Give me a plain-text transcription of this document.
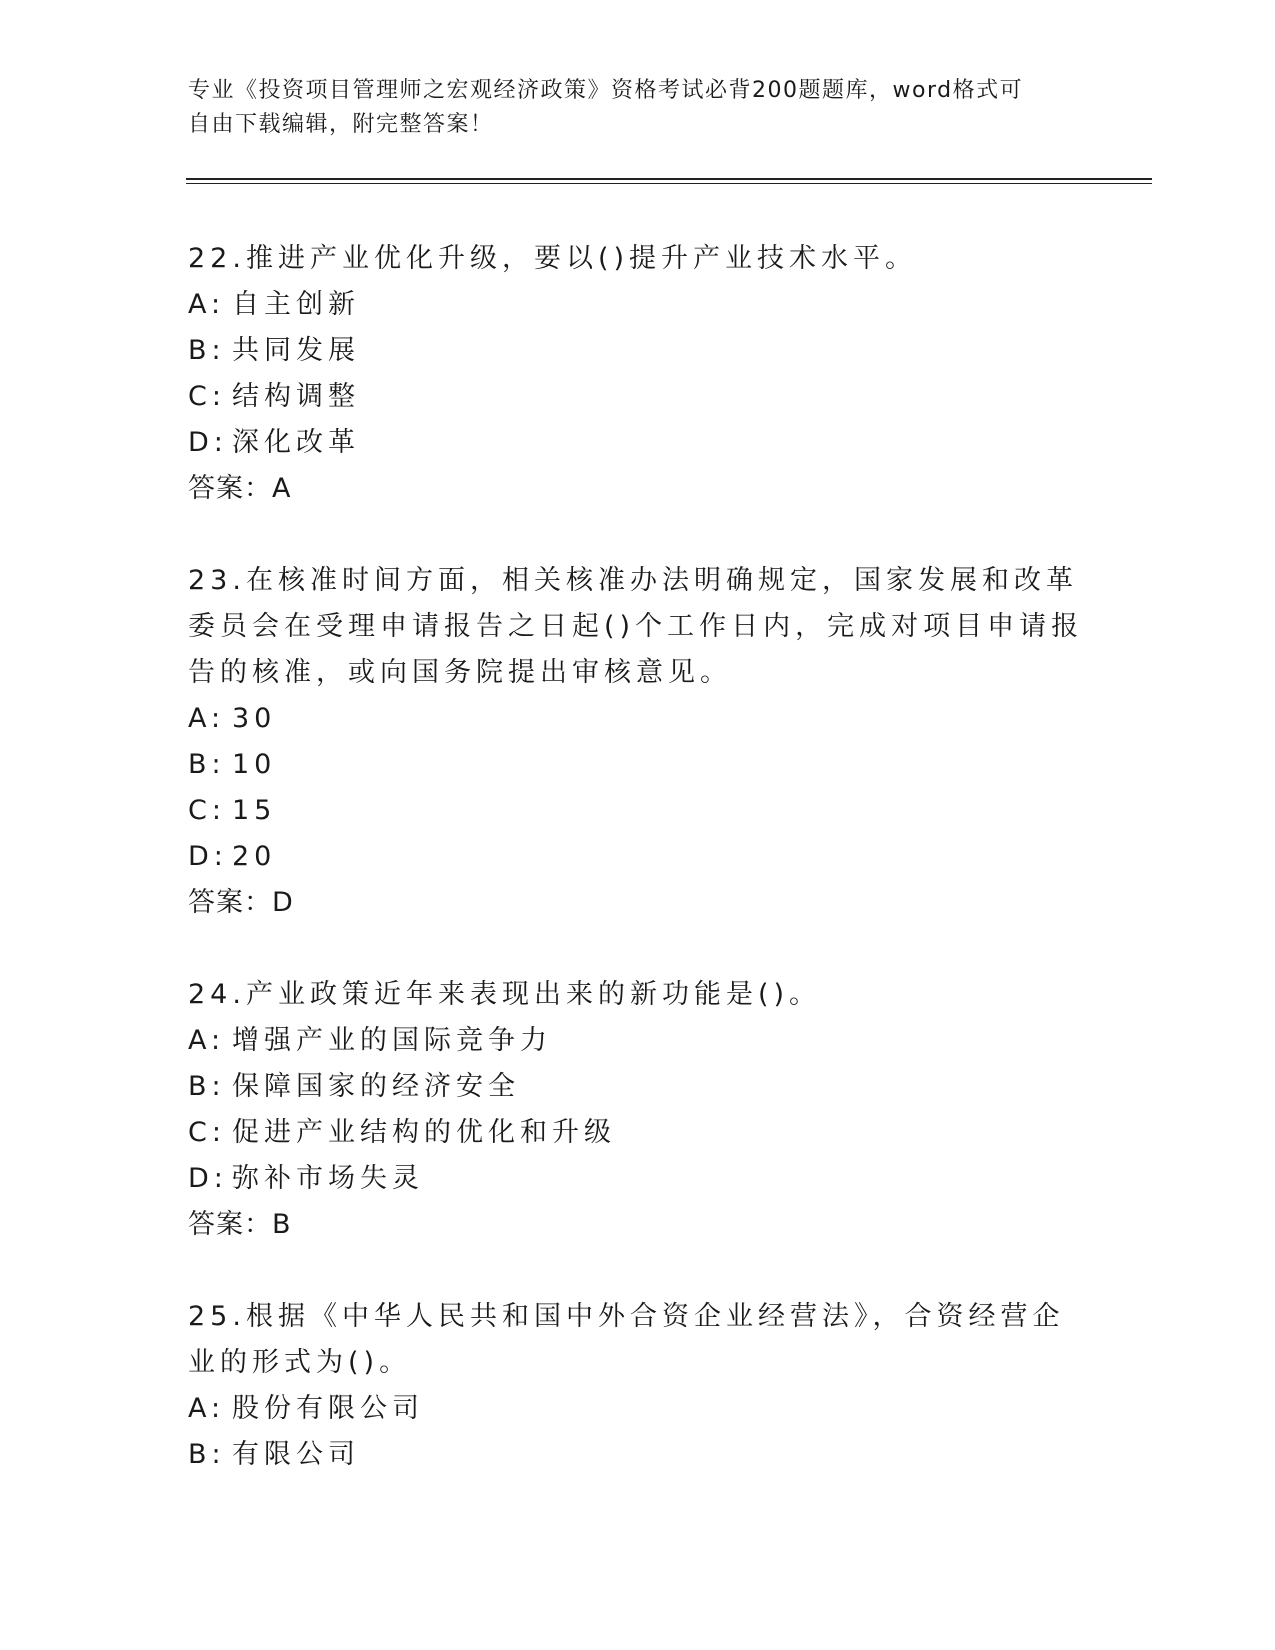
专业《投资项目管理师之宏观经济政策》资格考试必背200题题库，word格式可
自由下载编辑，附完整答案！
22.推进产业优化升级，要以()提升产业技术水平。
A: 自主创新
B: 共同发展
C: 结构调整
D: 深化改革
答案：A
23.在核准时间方面，相关核准办法明确规定，国家发展和改革委员会在受理申请报告之日起()个工作日内，完成对项目申请报告的核准，或向国务院提出审核意见。
A: 30
B: 10
C: 15
D: 20
答案：D
24.产业政策近年来表现出来的新功能是()。
A: 增强产业的国际竞争力
B: 保障国家的经济安全
C: 促进产业结构的优化和升级
D: 弥补市场失灵
答案：B
25.根据《中华人民共和国中外合资企业经营法》，合资经营企业的形式为()。
A: 股份有限公司
B: 有限公司
